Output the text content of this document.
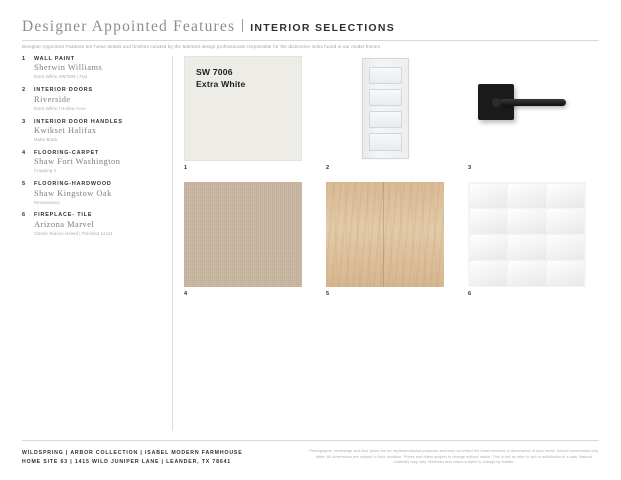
Designer Appointed Features INTERIOR SELECTIONS
Designer Appointed Features are home details and finishes curated by the talented design professionals responsible for the distinctive looks found in our model homes.
1 WALL PAINT
Sherwin Williams
Extra White SW7006 | Flat
2 INTERIOR DOORS
Riverside
Extra White | Hollow Core
3 INTERIOR DOOR HANDLES
Kwikset Halifax
Matte Black
4 FLOORING-CARPET
Shaw Fort Washington
Cropping II
5 FLOORING-HARDWOOD
Shaw Kingstow Oak
Renaissance
6 FIREPLACE- TILE
Arizona Marvel
Classic Bianco Honed | Polished 12x24
SW 7006
Extra White
1	2	3
4	5	6
WILDSPRING | ARBOR COLLECTION | ISABEL MODERN FARMHOUSE
HOME SITE 63 | 1415 WILD JUNIPER LANE | LEANDER, TX 78641
Photographs, renderings and floor plans are for representational purposes and may not reflect the exact features or dimensions of your home. Actual construction may differ. All dimensions are subject to field variation. Prices and offers subject to change without notice. This is not an offer to sell or solicitation of a sale. Natural materials may vary. Materials and colors subject to change by builder.
